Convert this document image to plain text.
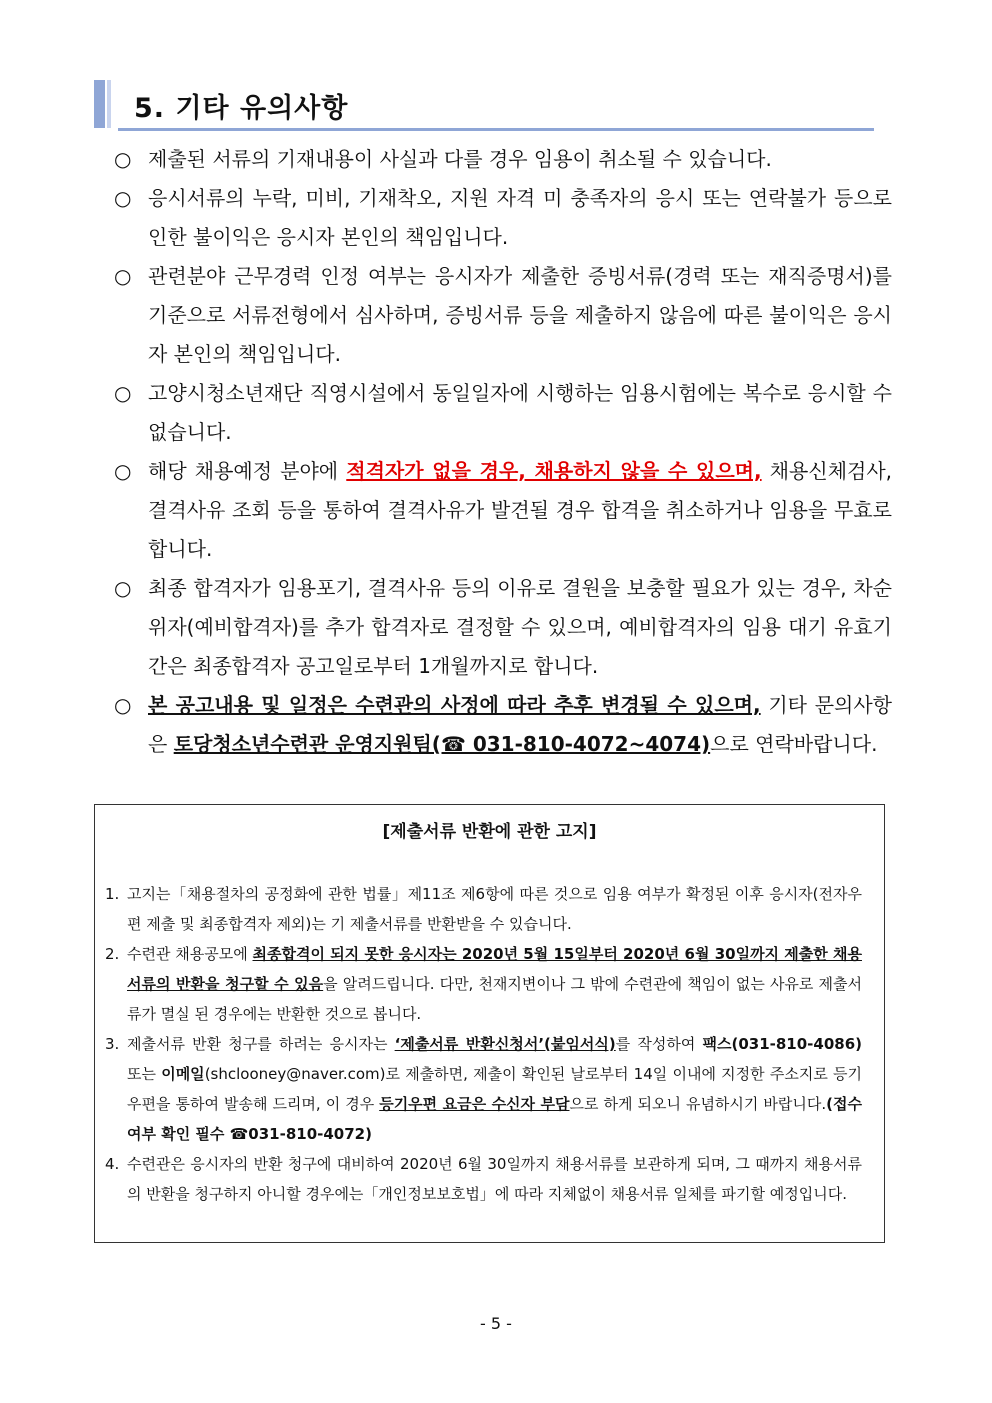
5. 기타 유의사항
○ 제출된 서류의 기재내용이 사실과 다를 경우 임용이 취소될 수 있습니다.
○ 응시서류의 누락, 미비, 기재착오, 지원 자격 미 충족자의 응시 또는 연락불가 등으로 인한 불이익은 응시자 본인의 책임입니다.
○ 관련분야 근무경력 인정 여부는 응시자가 제출한 증빙서류(경력 또는 재직증명서)를 기준으로 서류전형에서 심사하며, 증빙서류 등을 제출하지 않음에 따른 불이익은 응시자 본인의 책임입니다.
○ 고양시청소년재단 직영시설에서 동일일자에 시행하는 임용시험에는 복수로 응시할 수 없습니다.
○ 해당 채용예정 분야에 적격자가 없을 경우, 채용하지 않을 수 있으며, 채용신체검사, 결격사유 조회 등을 통하여 결격사유가 발견될 경우 합격을 취소하거나 임용을 무효로 합니다.
○ 최종 합격자가 임용포기, 결격사유 등의 이유로 결원을 보충할 필요가 있는 경우, 차순위자(예비합격자)를 추가 합격자로 결정할 수 있으며, 예비합격자의 임용 대기 유효기간은 최종합격자 공고일로부터 1개월까지로 합니다.
○ 본 공고내용 및 일정은 수련관의 사정에 따라 추후 변경될 수 있으며, 기타 문의사항은 토당청소년수련관 운영지원팀(☎ 031-810-4072~4074)으로 연락바랍니다.
[제출서류 반환에 관한 고지]
1. 고지는「채용절차의 공정화에 관한 법률」제11조 제6항에 따른 것으로 임용 여부가 확정된 이후 응시자(전자우편 제출 및 최종합격자 제외)는 기 제출서류를 반환받을 수 있습니다.
2. 수련관 채용공모에 최종합격이 되지 못한 응시자는 2020년 5월 15일부터 2020년 6월 30일까지 제출한 채용서류의 반환을 청구할 수 있음을 알려드립니다. 다만, 천재지변이나 그 밖에 수련관에 책임이 없는 사유로 제출서류가 멸실 된 경우에는 반환한 것으로 봅니다.
3. 제출서류 반환 청구를 하려는 응시자는 ‘제출서류 반환신청서’(붙임서식)를 작성하여 팩스(031-810-4086) 또는 이메일(shclooney@naver.com)로 제출하면, 제출이 확인된 날로부터 14일 이내에 지정한 주소지로 등기우편을 통하여 발송해 드리며, 이 경우 등기우편 요금은 수신자 부담으로 하게 되오니 유념하시기 바랍니다.(접수여부 확인 필수 ☎031-810-4072)
4. 수련관은 응시자의 반환 청구에 대비하여 2020년 6월 30일까지 채용서류를 보관하게 되며, 그 때까지 채용서류의 반환을 청구하지 아니할 경우에는「개인정보보호법」에 따라 지체없이 채용서류 일체를 파기할 예정입니다.
- 5 -
